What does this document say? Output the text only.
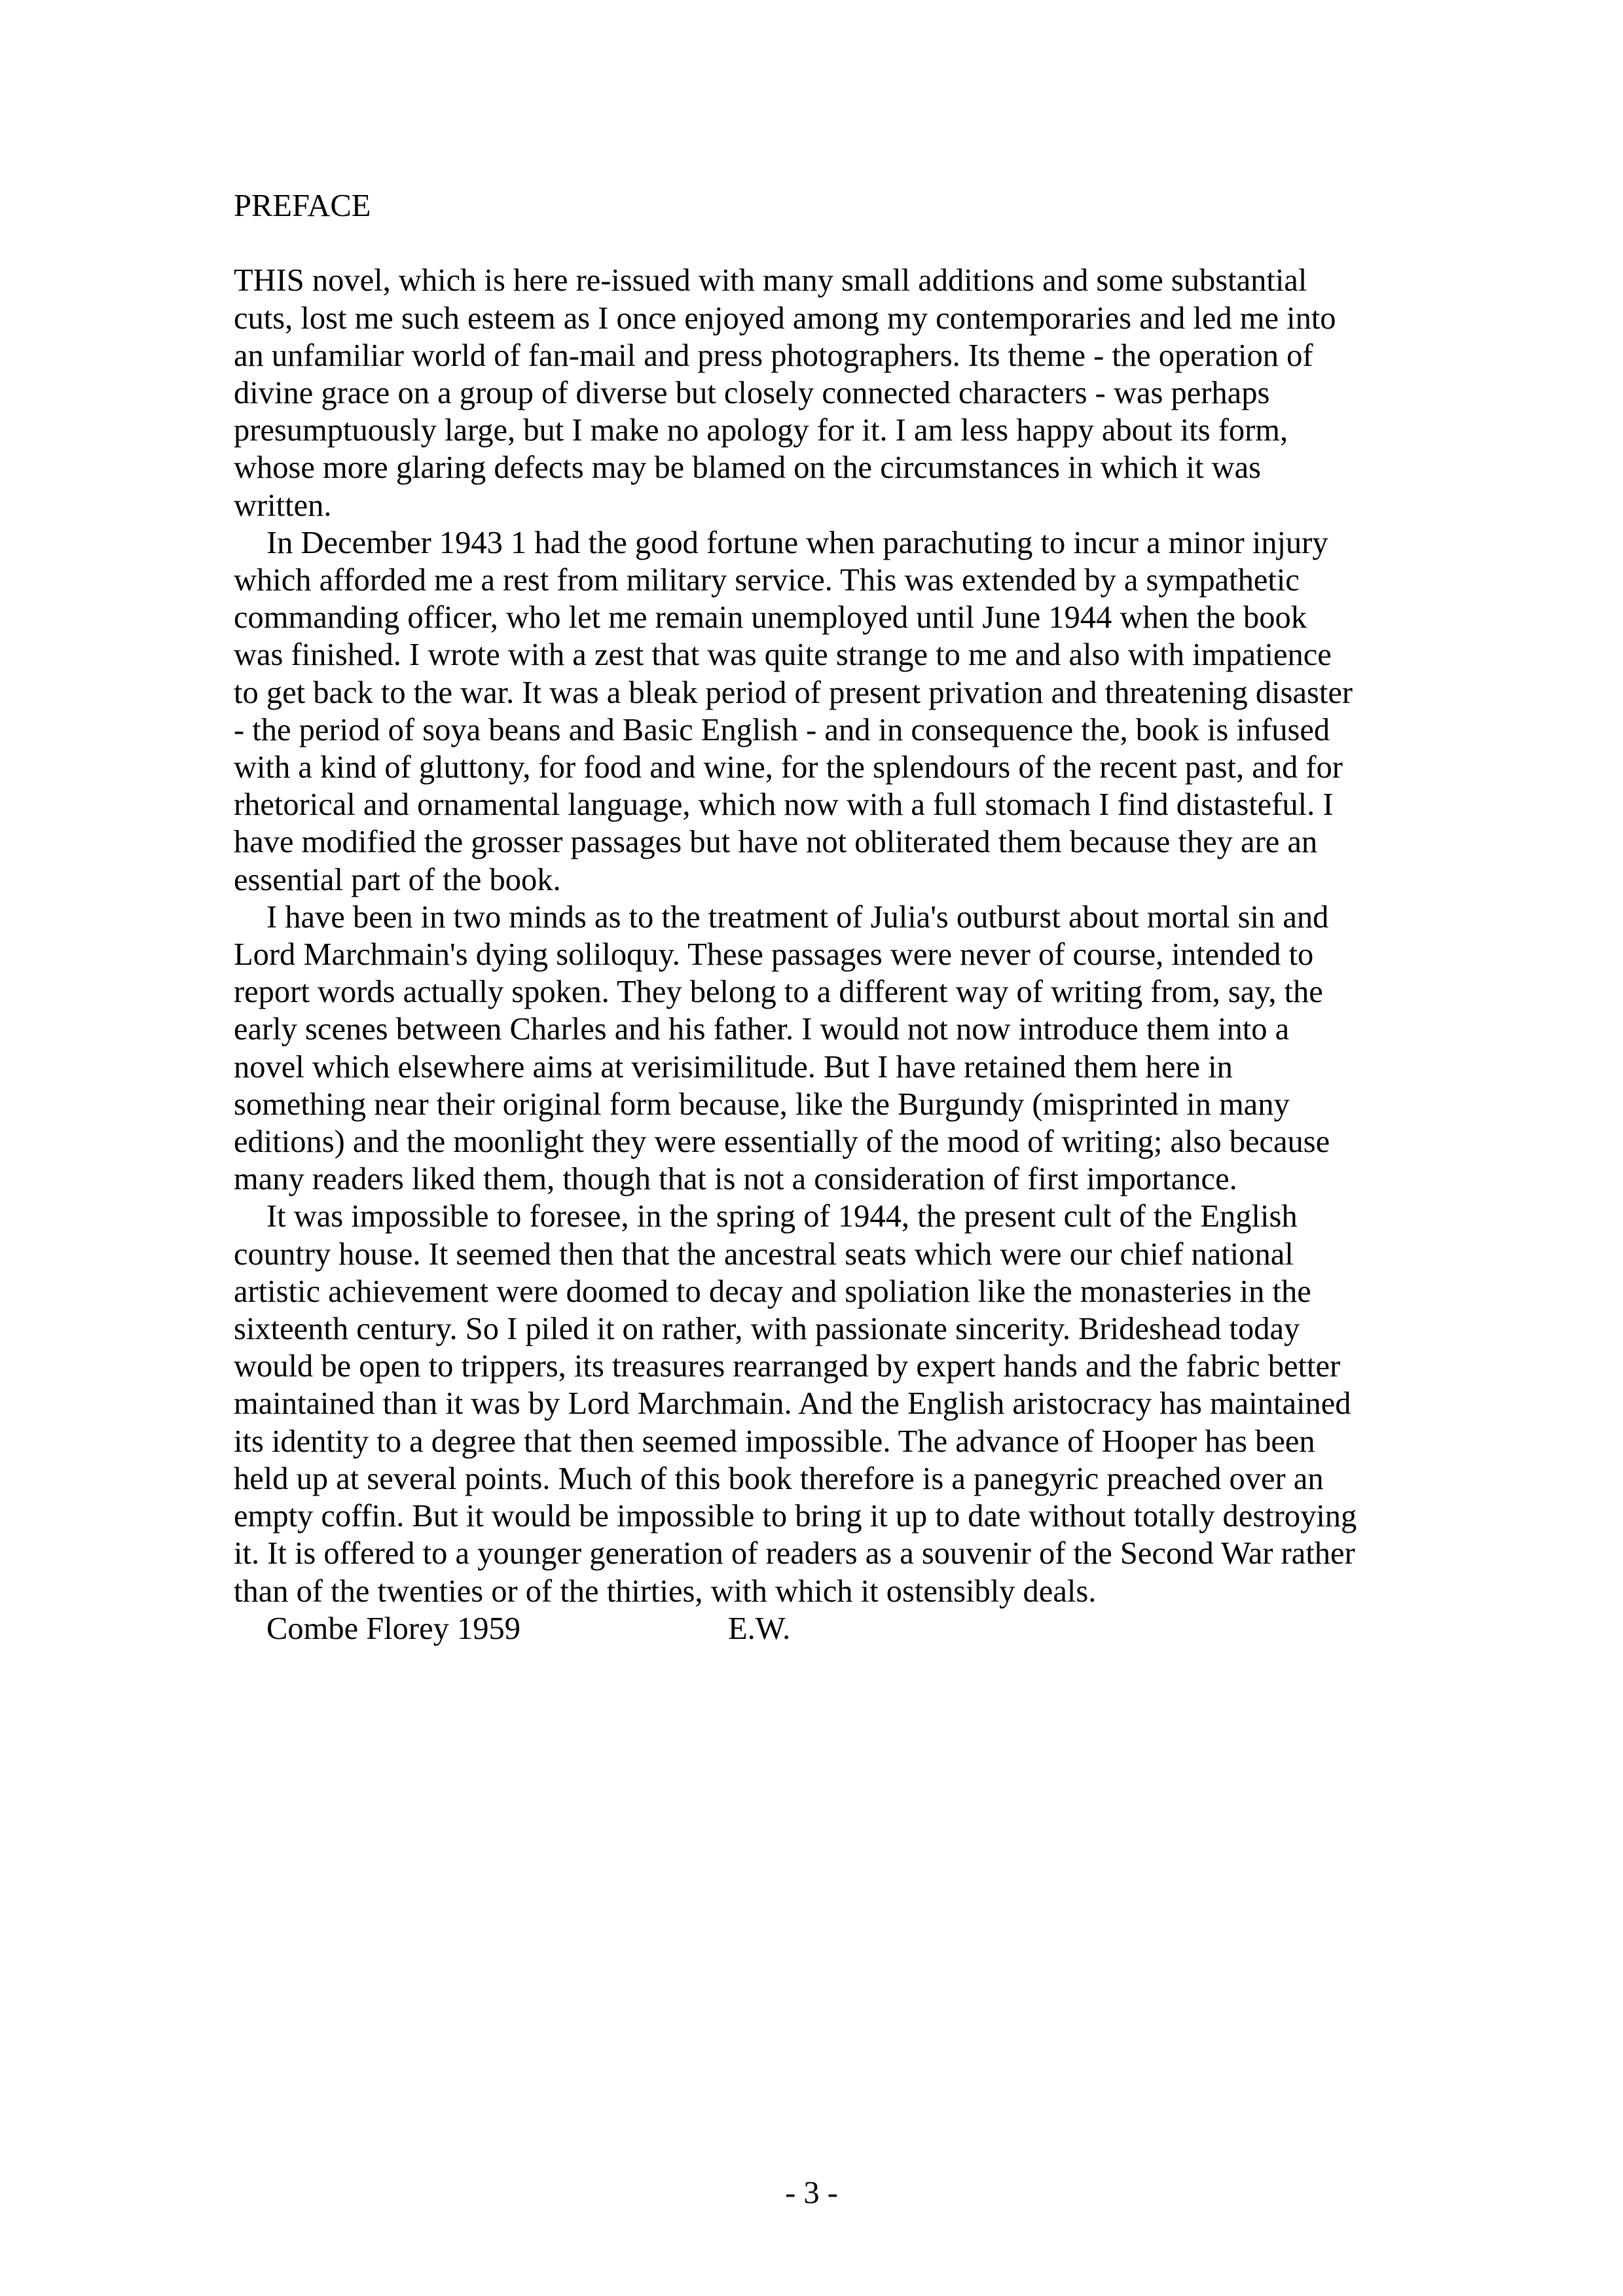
PREFACE

THIS novel, which is here re-issued with many small additions and some substantial
cuts, lost me such esteem as I once enjoyed among my contemporaries and led me into
an unfamiliar world of fan-mail and press photographers. Its theme - the operation of
divine grace on a group of diverse but closely connected characters - was perhaps
presumptuously large, but I make no apology for it. I am less happy about its form,
whose more glaring defects may be blamed on the circumstances in which it was
written.

In December 1943 1 had the good fortune when parachuting to incur a minor injury
which afforded me a rest from military service. This was extended by a sympathetic
commanding officer, who let me remain unemployed until June 1944 when the book
was finished. I wrote with a zest that was quite strange to me and also with impatience
to get back to the war. It was a bleak period of present privation and threatening disaster
- the period of soya beans and Basic English - and in consequence the, book is infused
with a kind of gluttony, for food and wine, for the splendours of the recent past, and for
rhetorical and ornamental language, which now with a full stomach I find distasteful. I
have modified the grosser passages but have not obliterated them because they are an
essential part of the book.

I have been in two minds as to the treatment of Julia's outburst about mortal sin and
Lord Marchmain's dying soliloquy. These passages were never of course, intended to
report words actually spoken. They belong to a different way of writing from, say, the
early scenes between Charles and his father. I would not now introduce them into a
novel which elsewhere aims at verisimilitude. But I have retained them here in
something near their original form because, like the Burgundy (misprinted in many
editions) and the moonlight they were essentially of the mood of writing; also because
many readers liked them, though that is not a consideration of first importance.

It was impossible to foresee, in the spring of 1944, the present cult of the English
country house. It seemed then that the ancestral seats which were our chief national
artistic achievement were doomed to decay and spoliation like the monasteries in the
sixteenth century. So I piled it on rather, with passionate sincerity. Brideshead today
would be open to trippers, its treasures rearranged by expert hands and the fabric better
maintained than it was by Lord Marchmain. And the English aristocracy has maintained
its identity to a degree that then seemed impossible. The advance of Hooper has been
held up at several points. Much of this book therefore is a panegyric preached over an
empty coffin. But it would be impossible to bring it up to date without totally destroying
it. It is offered to a younger generation of readers as a souvenir of the Second War rather
than of the twenties or of the thirties, with which it ostensibly deals.

Combe Florey 1959	E.W.
- 3 -
